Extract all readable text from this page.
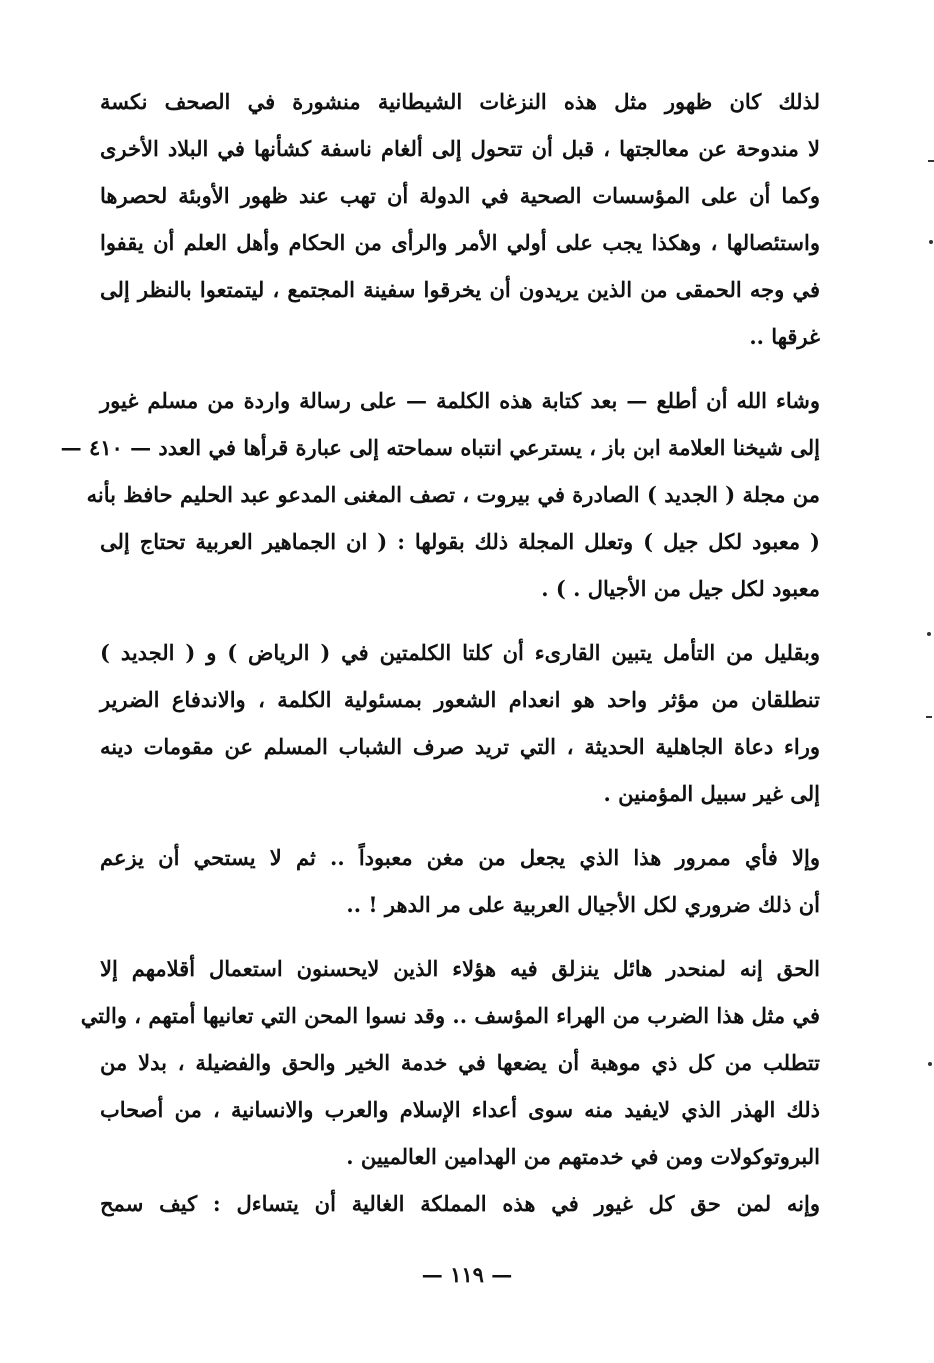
لذلك كان ظهور مثل هذه النزغات الشيطانية منشورة في الصحف نكسة
لا مندوحة عن معالجتها ، قبل أن تتحول إلى ألغام ناسفة كشأنها في البلاد الأخرى
وكما أن على المؤسسات الصحية في الدولة أن تهب عند ظهور الأوبئة لحصرها
واستئصالها ، وهكذا يجب على أولي الأمر والرأى من الحكام وأهل العلم أن يقفوا
في وجه الحمقى من الذين يريدون أن يخرقوا سفينة المجتمع ، ليتمتعوا بالنظر إلى
غرقها ..
وشاء الله أن أطلع — بعد كتابة هذه الكلمة — على رسالة واردة من مسلم غيور
إلى شيخنا العلامة ابن باز ، يسترعي انتباه سماحته إلى عبارة قرأها في العدد — ٤١٠ —
من مجلة ( الجديد ) الصادرة في بيروت ، تصف المغنى المدعو عبد الحليم حافظ بأنه
( معبود لكل جيل ) وتعلل المجلة ذلك بقولها : ( ان الجماهير العربية تحتاج إلى
معبود لكل جيل من الأجيال . ) .
وبقليل من التأمل يتبين القارىء أن كلتا الكلمتين في ( الرياض ) و ( الجديد )
تنطلقان من مؤثر واحد هو انعدام الشعور بمسئولية الكلمة ، والاندفاع الضرير
وراء دعاة الجاهلية الحديثة ، التي تريد صرف الشباب المسلم عن مقومات دينه
إلى غير سبيل المؤمنين .
وإلا فأي ممرور هذا الذي يجعل من مغن معبوداً .. ثم لا يستحي أن يزعم
أن ذلك ضروري لكل الأجيال العربية على مر الدهر ! ..
الحق إنه لمنحدر هائل ينزلق فيه هؤلاء الذين لايحسنون استعمال أقلامهم إلا
في مثل هذا الضرب من الهراء المؤسف .. وقد نسوا المحن التي تعانيها أمتهم ، والتي
تتطلب من كل ذي موهبة أن يضعها في خدمة الخير والحق والفضيلة ، بدلا من
ذلك الهذر الذي لايفيد منه سوى أعداء الإسلام والعرب والانسانية ، من أصحاب
البروتوكولات ومن في خدمتهم من الهدامين العالميين .
وإنه لمن حق كل غيور في هذه المملكة الغالية أن يتساءل : كيف سمح
— ١١٩ —
